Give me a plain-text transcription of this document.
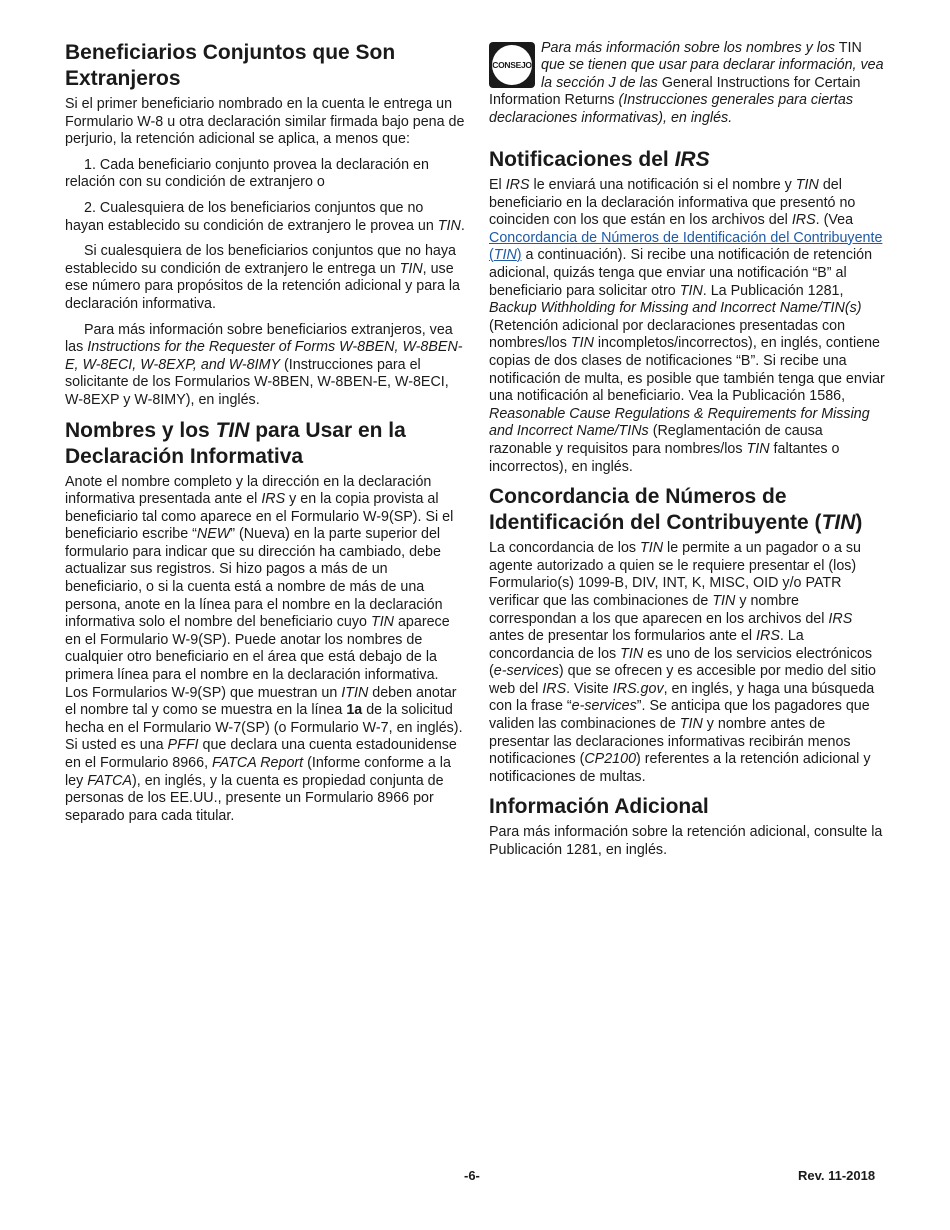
Beneficiarios Conjuntos que Son Extranjeros

Si el primer beneficiario nombrado en la cuenta le entrega un Formulario W-8 u otra declaración similar firmada bajo pena de perjurio, la retención adicional se aplica, a menos que:

1. Cada beneficiario conjunto provea la declaración en relación con su condición de extranjero o

2. Cualesquiera de los beneficiarios conjuntos que no hayan establecido su condición de extranjero le provea un TIN.

Si cualesquiera de los beneficiarios conjuntos que no haya establecido su condición de extranjero le entrega un TIN, use ese número para propósitos de la retención adicional y para la declaración informativa.

Para más información sobre beneficiarios extranjeros, vea las Instructions for the Requester of Forms W-8BEN, W-8BEN-E, W-8ECI, W-8EXP, and W-8IMY (Instrucciones para el solicitante de los Formularios W-8BEN, W-8BEN-E, W-8ECI, W-8EXP y W-8IMY), en inglés.

Nombres y los TIN para Usar en la Declaración Informativa

Anote el nombre completo y la dirección en la declaración informativa presentada ante el IRS y en la copia provista al beneficiario tal como aparece en el Formulario W-9(SP). Si el beneficiario escribe “NEW” (Nueva) en la parte superior del formulario para indicar que su dirección ha cambiado, debe actualizar sus registros. Si hizo pagos a más de un beneficiario, o si la cuenta está a nombre de más de una persona, anote en la línea para el nombre en la declaración informativa solo el nombre del beneficiario cuyo TIN aparece en el Formulario W-9(SP). Puede anotar los nombres de cualquier otro beneficiario en el área que está debajo de la primera línea para el nombre en la declaración informativa. Los Formularios W-9(SP) que muestran un ITIN deben anotar el nombre tal y como se muestra en la línea 1a de la solicitud hecha en el Formulario W-7(SP) (o Formulario W-7, en inglés). Si usted es una PFFI que declara una cuenta estadounidense en el Formulario 8966, FATCA Report (Informe conforme a la ley FATCA), en inglés, y la cuenta es propiedad conjunta de personas de los EE.UU., presente un Formulario 8966 por separado para cada titular.

CONSEJO

Para más información sobre los nombres y los TIN que se tienen que usar para declarar información, vea la sección J de las General Instructions for Certain Information Returns (Instrucciones generales para ciertas declaraciones informativas), en inglés.

Notificaciones del IRS

El IRS le enviará una notificación si el nombre y TIN del beneficiario en la declaración informativa que presentó no coinciden con los que están en los archivos del IRS. (Vea Concordancia de Números de Identificación del Contribuyente (TIN) a continuación). Si recibe una notificación de retención adicional, quizás tenga que enviar una notificación “B” al beneficiario para solicitar otro TIN. La Publicación 1281, Backup Withholding for Missing and Incorrect Name/TIN(s) (Retención adicional por declaraciones presentadas con nombres/los TIN incompletos/incorrectos), en inglés, contiene copias de dos clases de notificaciones “B”. Si recibe una notificación de multa, es posible que también tenga que enviar una notificación al beneficiario. Vea la Publicación 1586, Reasonable Cause Regulations & Requirements for Missing and Incorrect Name/TINs (Reglamentación de causa razonable y requisitos para nombres/los TIN faltantes o incorrectos), en inglés.

Concordancia de Números de Identificación del Contribuyente (TIN)

La concordancia de los TIN le permite a un pagador o a su agente autorizado a quien se le requiere presentar el (los) Formulario(s) 1099-B, DIV, INT, K, MISC, OID y/o PATR verificar que las combinaciones de TIN y nombre correspondan a los que aparecen en los archivos del IRS antes de presentar los formularios ante el IRS. La concordancia de los TIN es uno de los servicios electrónicos (e-services) que se ofrecen y es accesible por medio del sitio web del IRS. Visite IRS.gov, en inglés, y haga una búsqueda con la frase “e-services”. Se anticipa que los pagadores que validen las combinaciones de TIN y nombre antes de presentar las declaraciones informativas recibirán menos notificaciones (CP2100) referentes a la retención adicional y notificaciones de multas.

Información Adicional

Para más información sobre la retención adicional, consulte la Publicación 1281, en inglés.

-6-	Rev. 11-2018
